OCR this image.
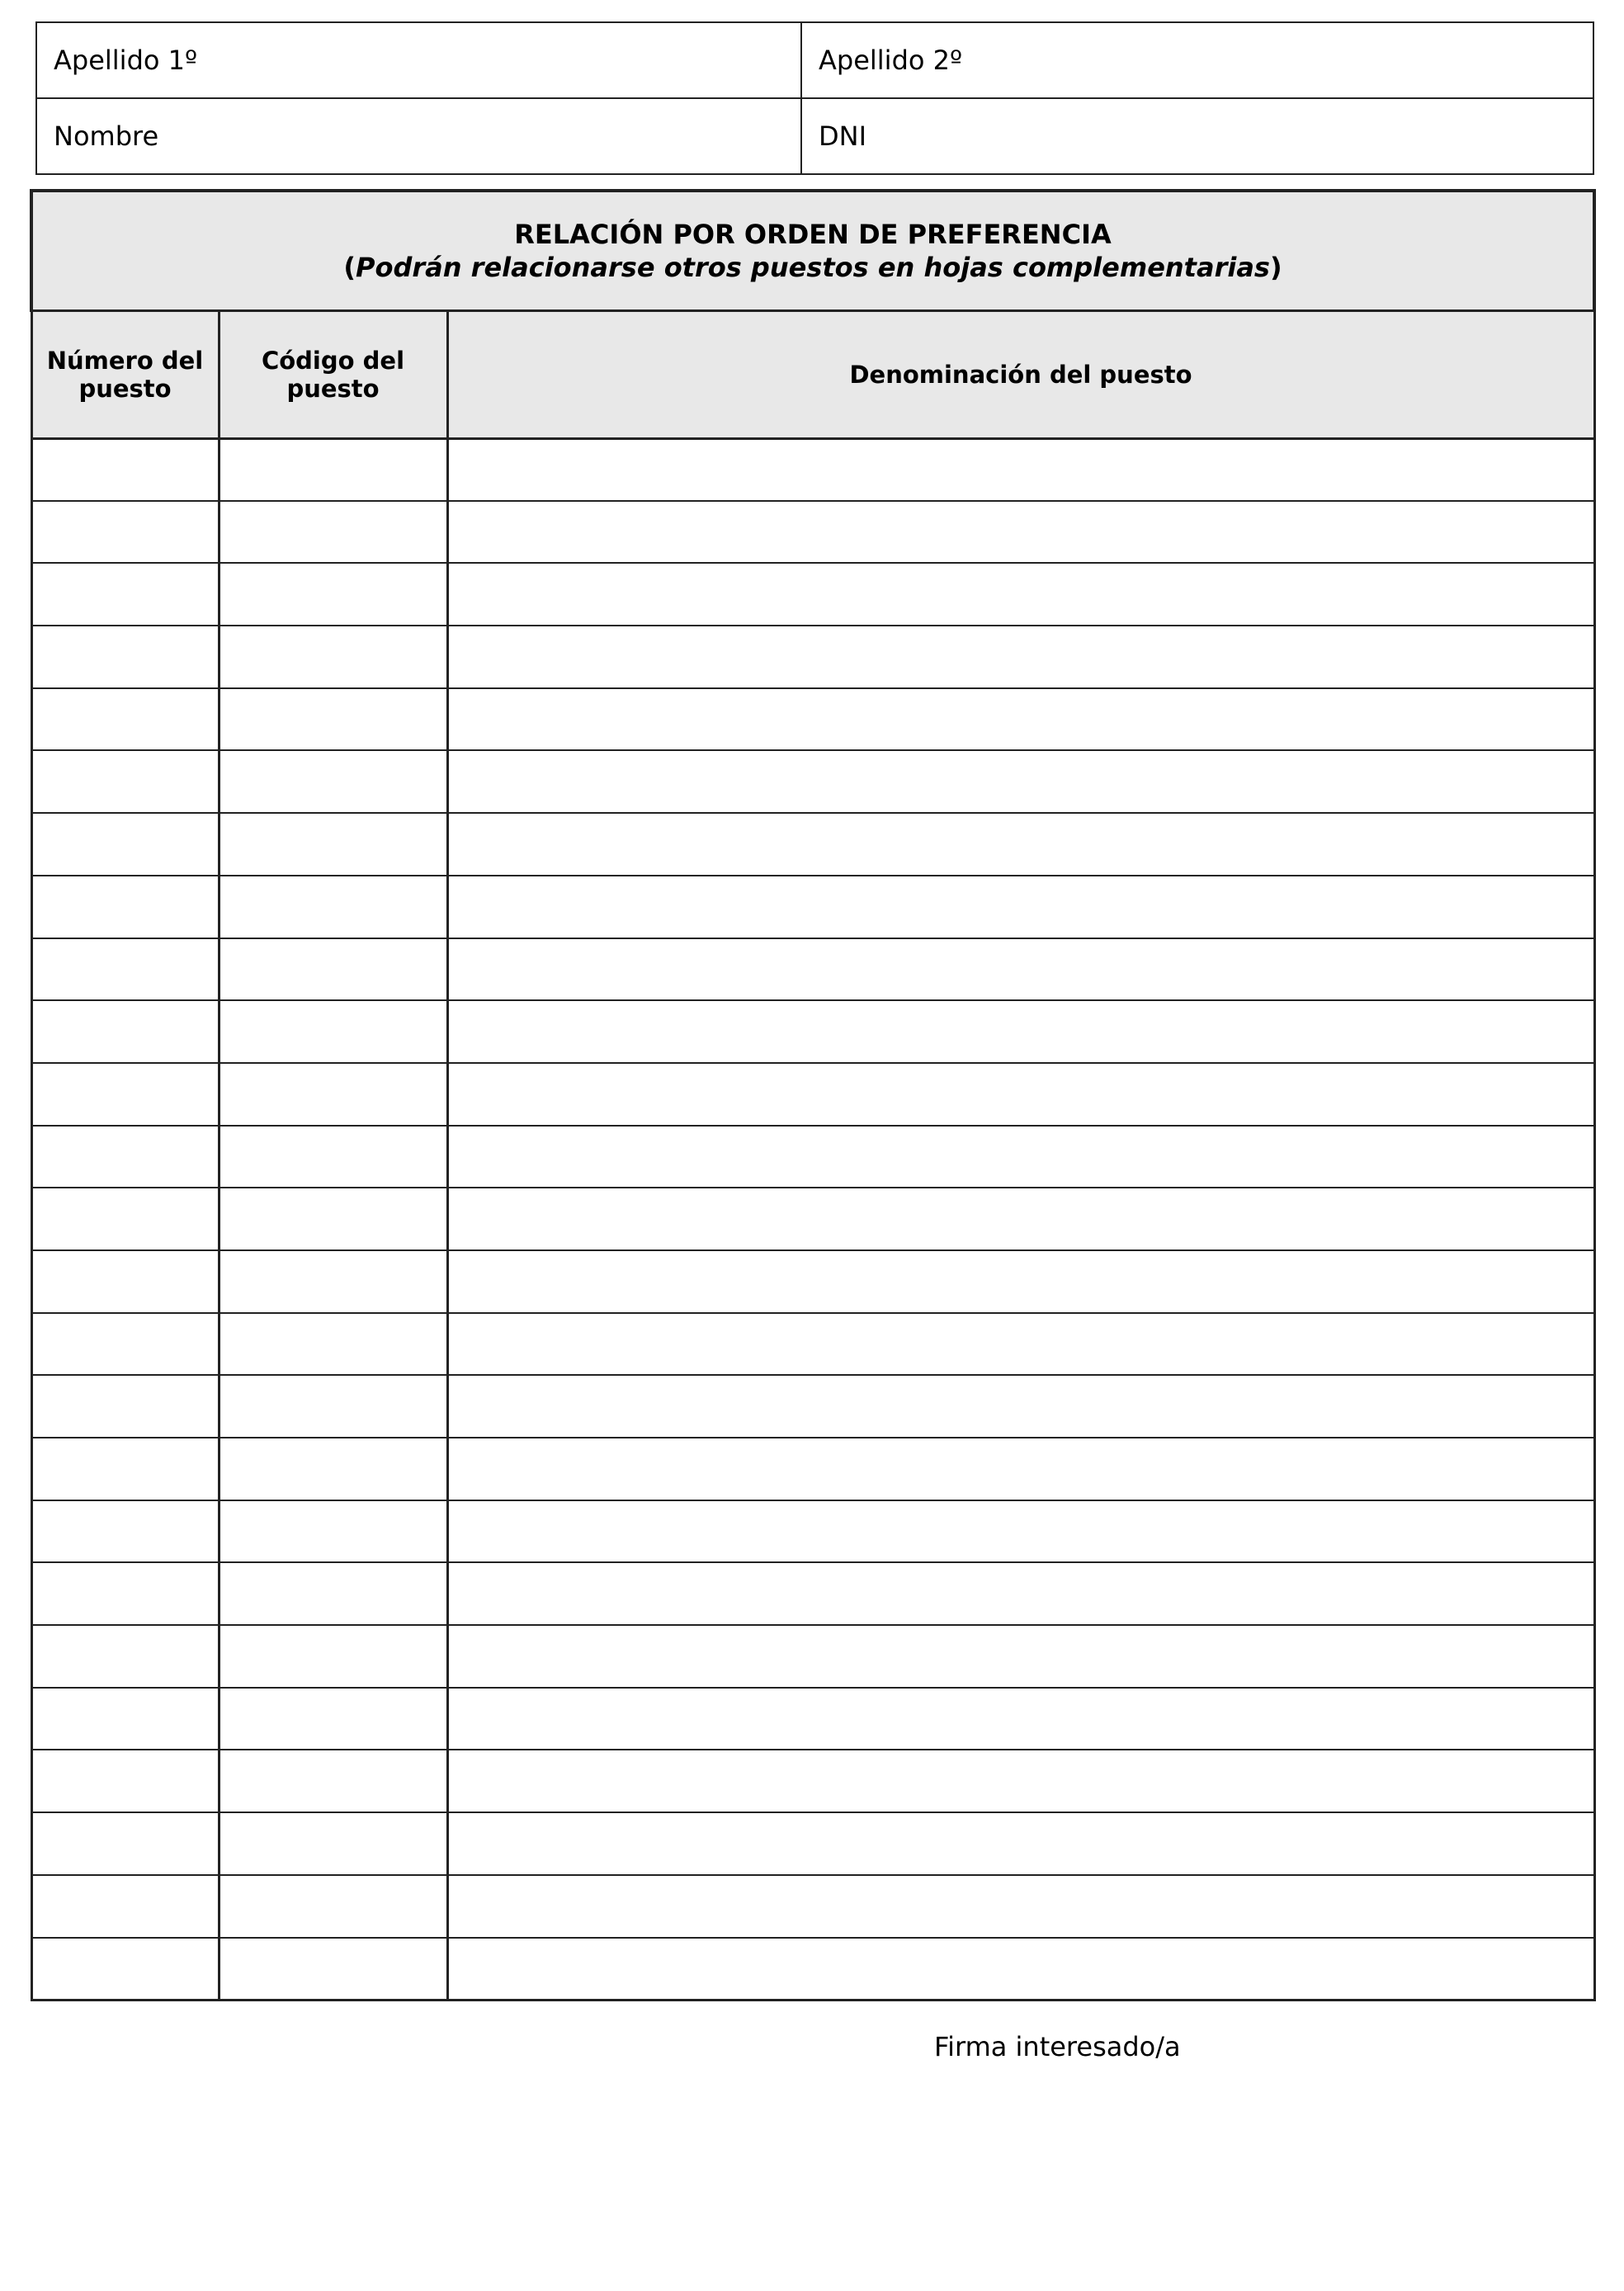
Apellido 1º	Apellido 2º
Nombre	DNI
RELACIÓN POR ORDEN DE PREFERENCIA
(Podrán relacionarse otros puestos en hojas complementarias)		

Número del puesto	Código del puesto	Denominación del puesto

Firma interesado/a
